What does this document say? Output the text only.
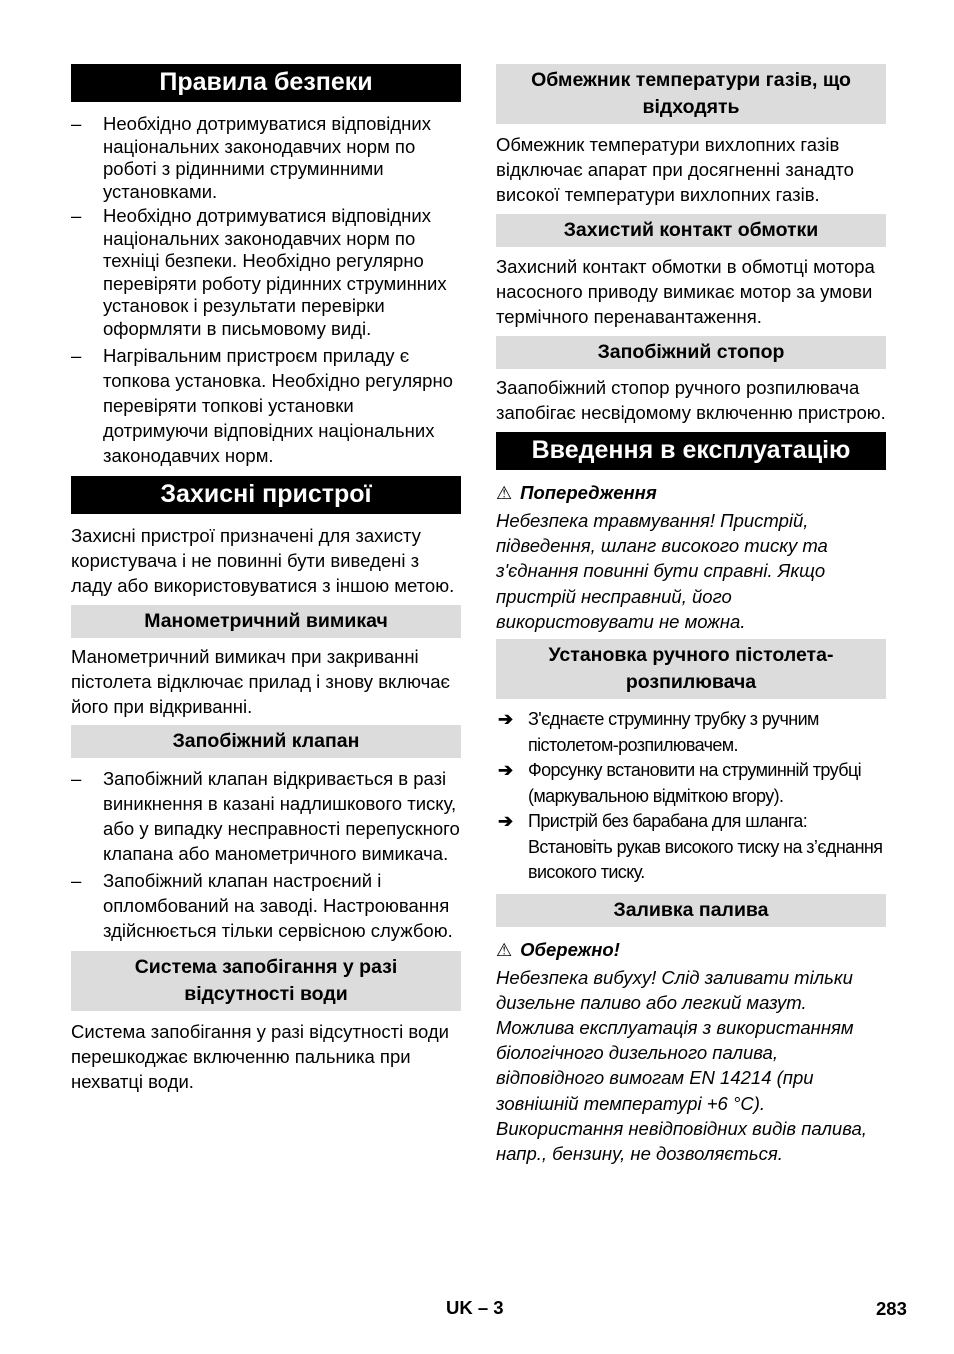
Правила безпеки
– Необхідно дотримуватися відповідних національних законодавчих норм по роботі з рідинними струминними установками.
– Необхідно дотримуватися відповідних національних законодавчих норм по техніці безпеки. Необхідно регулярно перевіряти роботу рідинних струминних установок і результати перевірки оформляти в письмовому виді.
– Нагрівальним пристроєм приладу є топкова установка. Необхідно регулярно перевіряти топкові установки дотримуючи відповідних національних законодавчих норм.
Захисні пристрої
Захисні пристрої призначені для захисту користувача і не повинні бути виведені з ладу або використовуватися з іншою метою.
Манометричний вимикач
Манометричний вимикач при закриванні пістолета відключає прилад і знову включає його при відкриванні.
Запобіжний клапан
– Запобіжний клапан відкривається в разі виникнення в казані надлишкового тиску, або у випадку несправності перепускного клапана або манометричного вимикача.
– Запобіжний клапан настроєний і опломбований на заводі. Настроювання здійснюється тільки сервісною службою.
Система запобігання у разі відсутності води
Система запобігання у разі відсутності води перешкоджає включенню пальника при нехватці води.
Обмежник температури газів, що відходять
Обмежник температури вихлопних газів відключає апарат при досягненні занадто високої температури вихлопних газів.
Захистий контакт обмотки
Захисний контакт обмотки в обмотці мотора насосного приводу вимикає мотор за умови термічного перенавантаження.
Запобіжний стопор
Заапобіжний стопор ручного розпилювача запобігає несвідомому включенню пристрою.
Введення в експлуатацію
⚠ Попередження
Небезпека травмування! Пристрій, підведення, шланг високого тиску та з'єднання повинні бути справні. Якщо пристрій несправний, його використовувати не можна.
Установка ручного пістолета-розпилювача
➔ З'єднаєте струминну трубку з ручним пістолетом-розпилювачем.
➔ Форсунку встановити на струминній трубці (маркувальною відміткою вгору).
➔ Пристрій без барабана для шланга: Встановіть рукав високого тиску на з’єднання високого тиску.
Заливка палива
⚠ Обережно!
Небезпека вибуху! Слід заливати тільки дизельне паливо або легкий мазут. Можлива експлуатація з використанням біологічного дизельного палива, відповідного вимогам EN 14214 (при зовнішній температурі +6 °C). Використання невідповідних видів палива, напр., бензину, не дозволяється.
UK – 3	283
